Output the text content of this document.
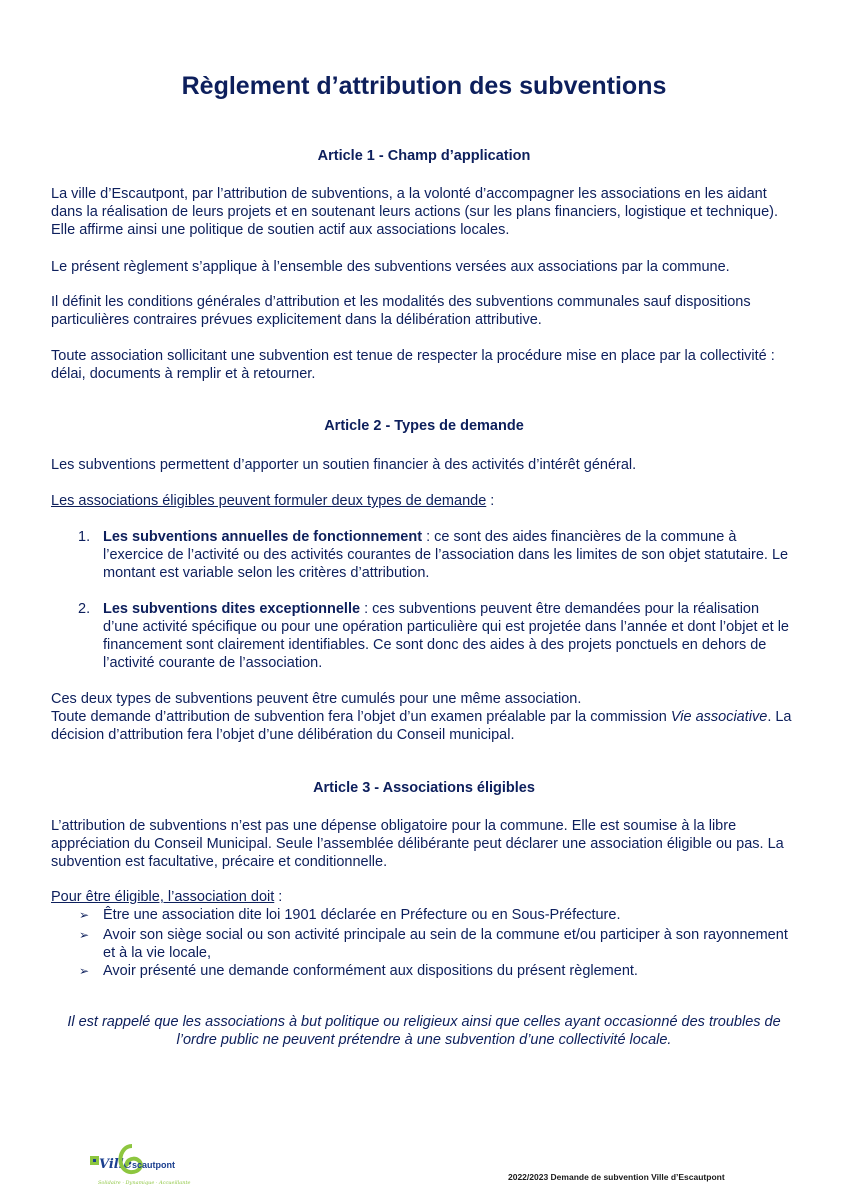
Règlement d’attribution des subventions
Article 1 - Champ d’application

La ville d’Escautpont, par l’attribution de subventions, a la volonté d’accompagner les associations en les aidant dans la réalisation de leurs projets et en soutenant leurs actions (sur les plans financiers, logistique et technique). Elle affirme ainsi une politique de soutien actif aux associations locales.

Le présent règlement s’applique à l’ensemble des subventions versées aux associations par la commune.

Il définit les conditions générales d’attribution et les modalités des subventions communales sauf dispositions particulières contraires prévues explicitement dans la délibération attributive.

Toute association sollicitant une subvention est tenue de respecter la procédure mise en place par la collectivité : délai, documents à remplir et à retourner.

Article 2 - Types de demande

Les subventions permettent d’apporter un soutien financier à des activités d’intérêt général.

Les associations éligibles peuvent formuler deux types de demande :

1. Les subventions annuelles de fonctionnement : ce sont des aides financières de la commune à l’exercice de l’activité ou des activités courantes de l’association dans les limites de son objet statutaire. Le montant est variable selon les critères d’attribution.
2. Les subventions dites exceptionnelle : ces subventions peuvent être demandées pour la réalisation d’une activité spécifique ou pour une opération particulière qui est projetée dans l’année et dont l’objet et le financement sont clairement identifiables. Ce sont donc des aides à des projets ponctuels en dehors de l’activité courante de l’association.

Ces deux types de subventions peuvent être cumulés pour une même association.

Toute demande d’attribution de subvention fera l’objet d’un examen préalable par la commission Vie associative. La décision d’attribution fera l’objet d’une délibération du Conseil municipal.

Article 3 - Associations éligibles

L’attribution de subventions n’est pas une dépense obligatoire pour la commune. Elle est soumise à la libre appréciation du Conseil Municipal. Seule l’assemblée délibérante peut déclarer une association éligible ou pas. La subvention est facultative, précaire et conditionnelle.

Pour être éligible, l’association doit :

➢ Être une association dite loi 1901 déclarée en Préfecture ou en Sous-Préfecture.
➢ Avoir son siège social ou son activité principale au sein de la commune et/ou participer à son rayonnement et à la vie locale,
➢ Avoir présenté une demande conformément aux dispositions du présent règlement.

Il est rappelé que les associations à but politique ou religieux ainsi que celles ayant occasionné des troubles de l’ordre public ne peuvent prétendre à une subvention d’une collectivité locale.

Ville scautpont
Solidaire · Dynamique · Accueillante
2022/2023 Demande de subvention Ville d’Escautpont
